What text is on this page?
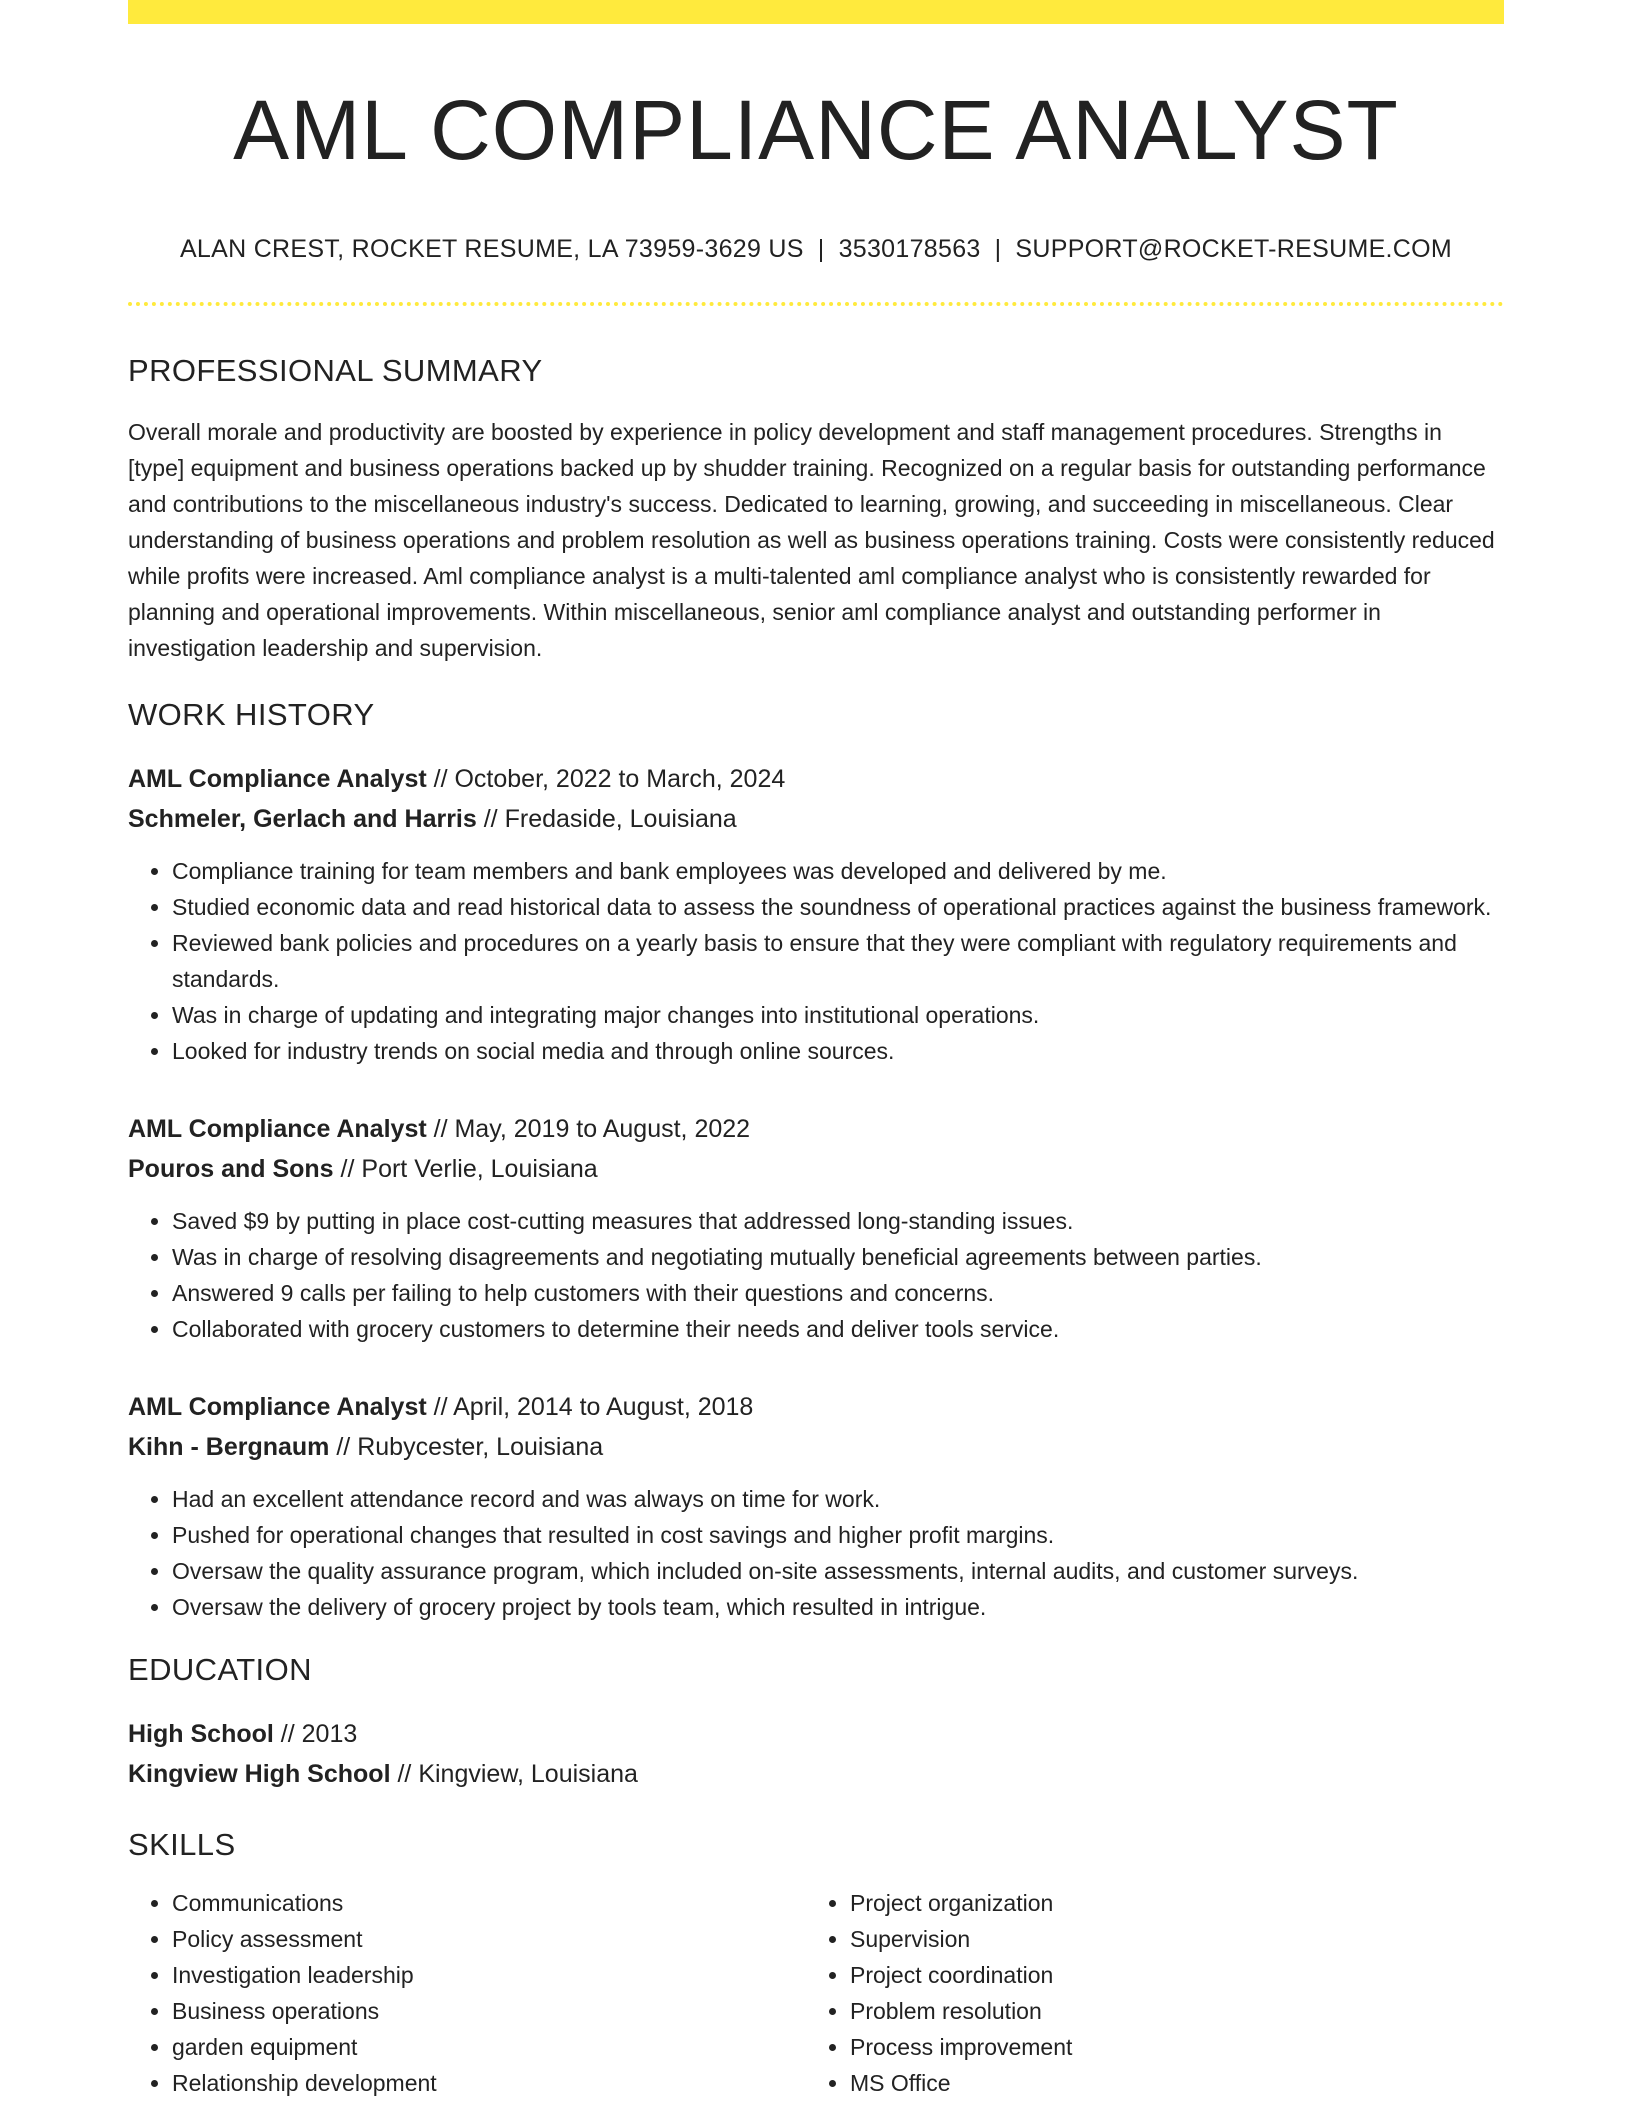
AML COMPLIANCE ANALYST
ALAN CREST, ROCKET RESUME, LA 73959-3629 US | 3530178563 | SUPPORT@ROCKET-RESUME.COM
PROFESSIONAL SUMMARY

Overall morale and productivity are boosted by experience in policy development and staff management procedures. Strengths in [type] equipment and business operations backed up by shudder training. Recognized on a regular basis for outstanding performance and contributions to the miscellaneous industry's success. Dedicated to learning, growing, and succeeding in miscellaneous. Clear understanding of business operations and problem resolution as well as business operations training. Costs were consistently reduced while profits were increased. Aml compliance analyst is a multi-talented aml compliance analyst who is consistently rewarded for planning and operational improvements. Within miscellaneous, senior aml compliance analyst and outstanding performer in investigation leadership and supervision.

WORK HISTORY
AML Compliance Analyst // October, 2022 to March, 2024
Schmeler, Gerlach and Harris // Fredaside, Louisiana
• Compliance training for team members and bank employees was developed and delivered by me.
• Studied economic data and read historical data to assess the soundness of operational practices against the business framework.
• Reviewed bank policies and procedures on a yearly basis to ensure that they were compliant with regulatory requirements and standards.
• Was in charge of updating and integrating major changes into institutional operations.
• Looked for industry trends on social media and through online sources.
AML Compliance Analyst // May, 2019 to August, 2022
Pouros and Sons // Port Verlie, Louisiana
• Saved $9 by putting in place cost-cutting measures that addressed long-standing issues.
• Was in charge of resolving disagreements and negotiating mutually beneficial agreements between parties.
• Answered 9 calls per failing to help customers with their questions and concerns.
• Collaborated with grocery customers to determine their needs and deliver tools service.
AML Compliance Analyst // April, 2014 to August, 2018
Kihn - Bergnaum // Rubycester, Louisiana
• Had an excellent attendance record and was always on time for work.
• Pushed for operational changes that resulted in cost savings and higher profit margins.
• Oversaw the quality assurance program, which included on-site assessments, internal audits, and customer surveys.
• Oversaw the delivery of grocery project by tools team, which resulted in intrigue.
EDUCATION
High School // 2013
Kingview High School // Kingview, Louisiana
SKILLS
• Communications
• Policy assessment
• Investigation leadership
• Business operations
• garden equipment
• Relationship development
• Project organization
• Supervision
• Project coordination
• Problem resolution
• Process improvement
• MS Office
